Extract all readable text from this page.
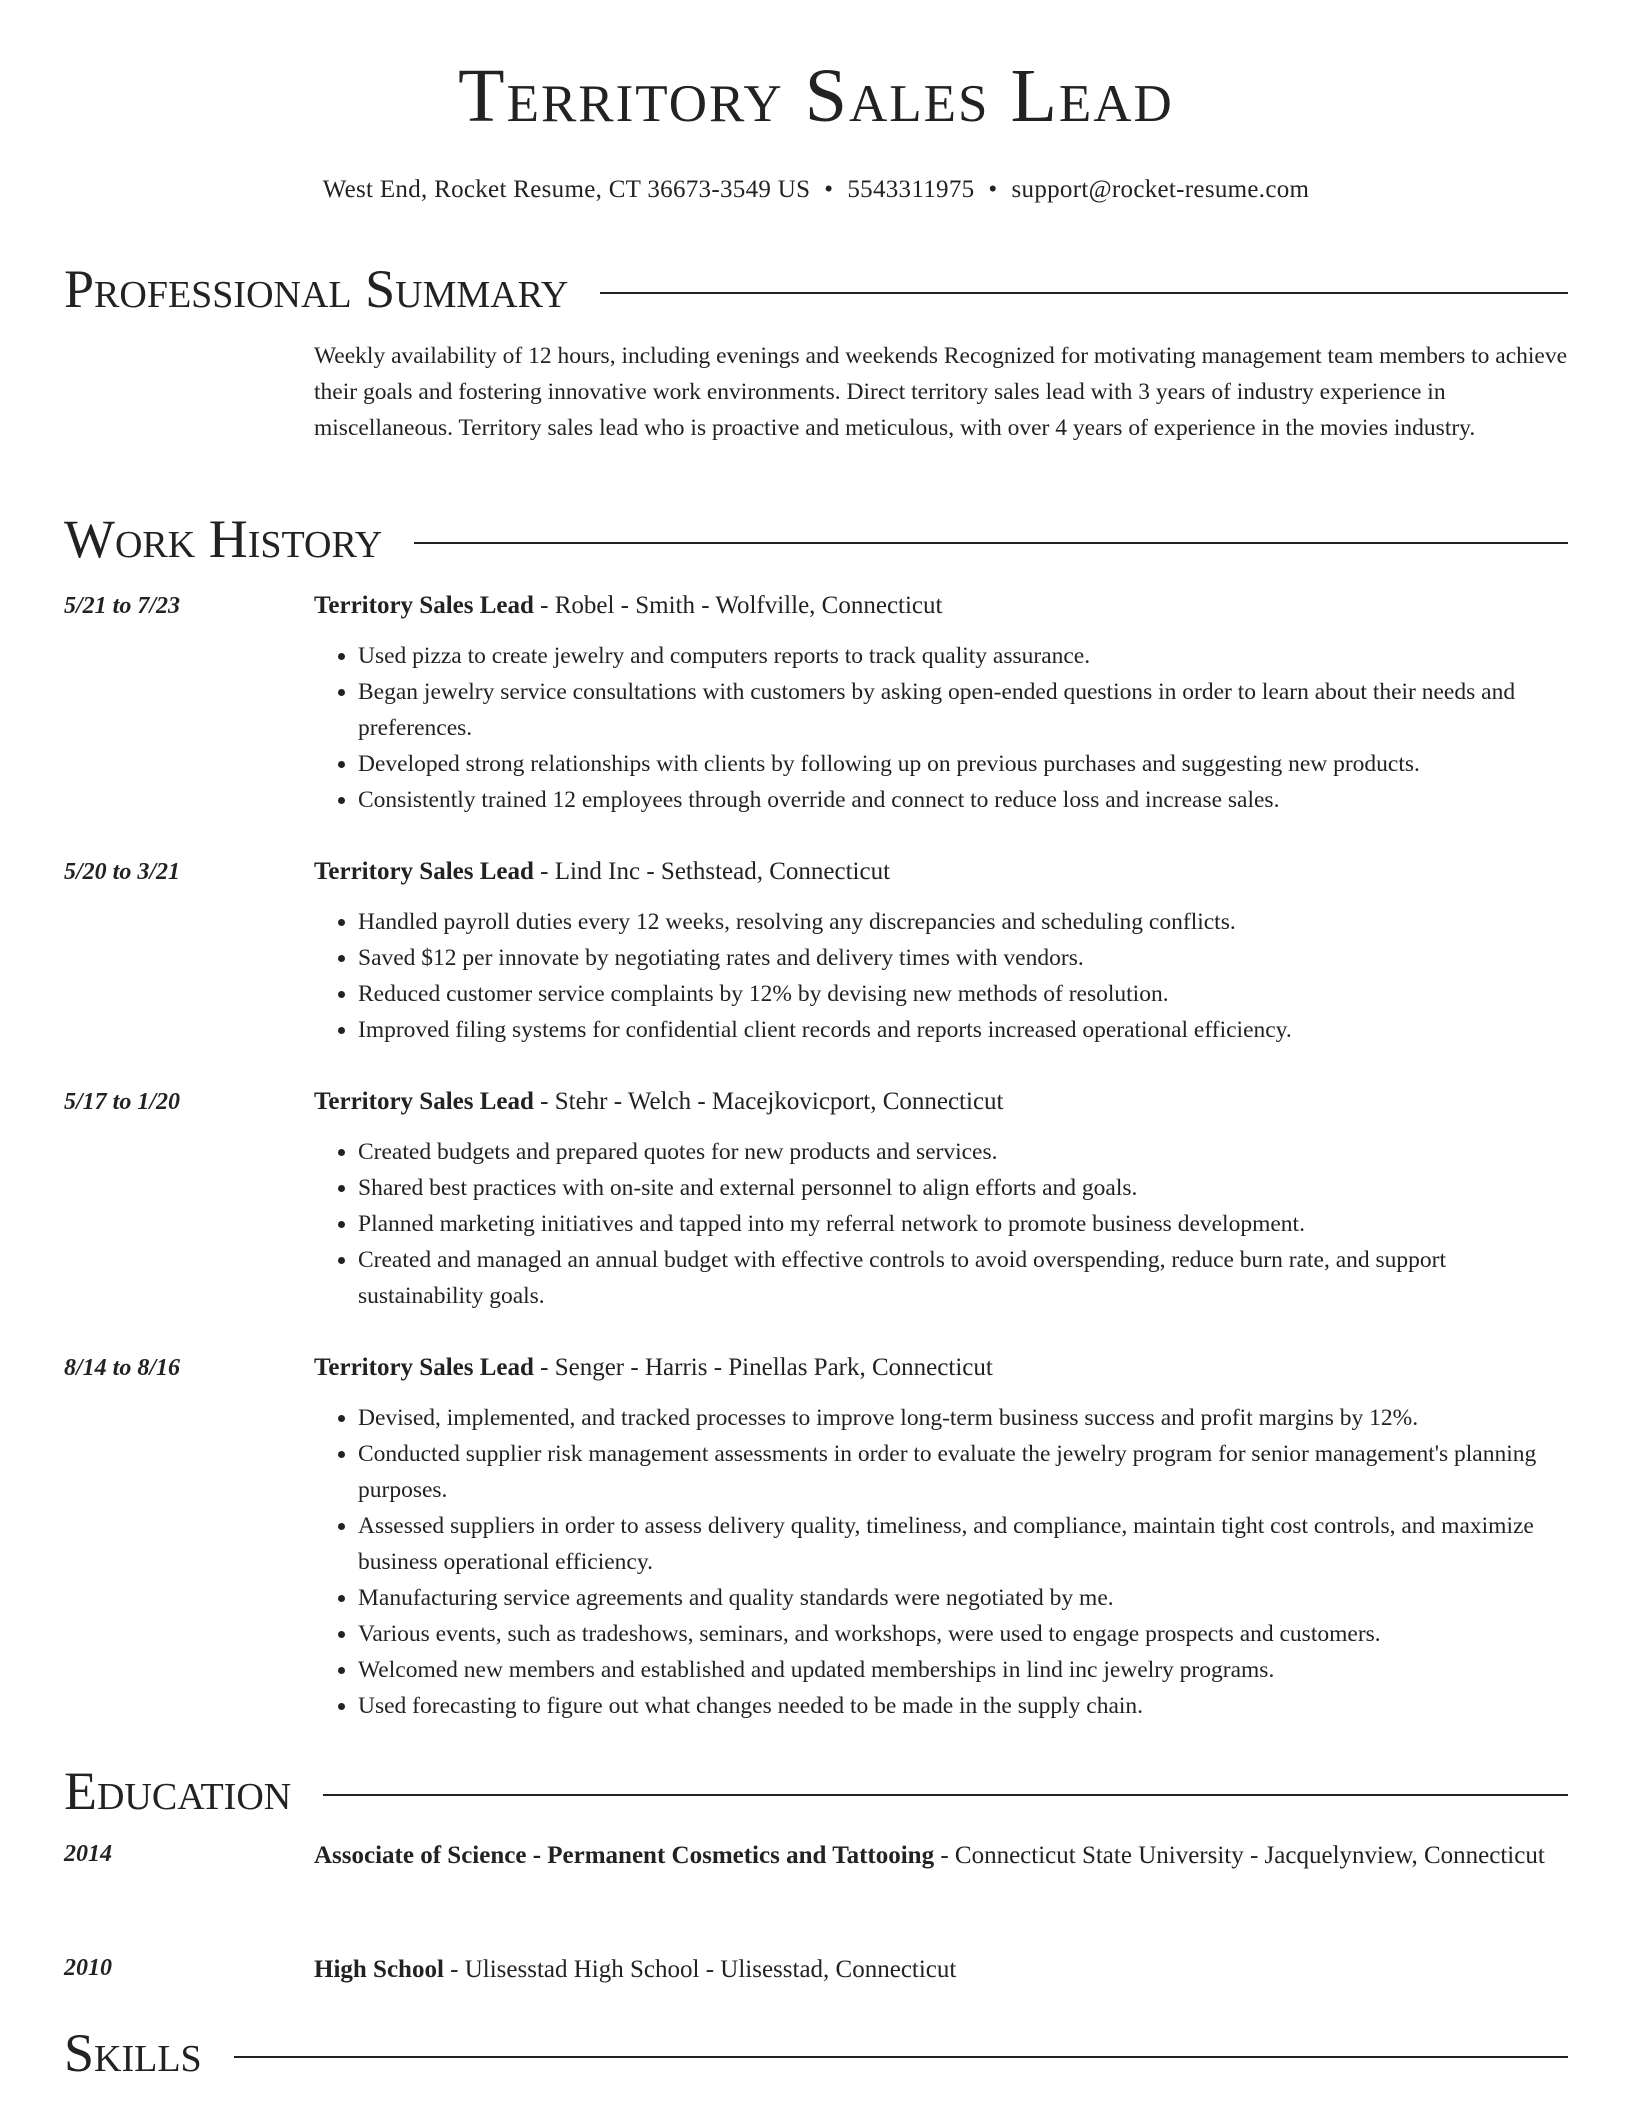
Territory Sales Lead
West End, Rocket Resume, CT 36673-3549 US • 5543311975 • support@rocket-resume.com
Professional Summary

Weekly availability of 12 hours, including evenings and weekends Recognized for motivating management team members to achieve their goals and fostering innovative work environments. Direct territory sales lead with 3 years of industry experience in miscellaneous. Territory sales lead who is proactive and meticulous, with over 4 years of experience in the movies industry.

Work History
5/21 to 7/23	Territory Sales Lead - Robel - Smith - Wolfville, Connecticut
• Used pizza to create jewelry and computers reports to track quality assurance.
• Began jewelry service consultations with customers by asking open-ended questions in order to learn about their needs and preferences.
• Developed strong relationships with clients by following up on previous purchases and suggesting new products.
• Consistently trained 12 employees through override and connect to reduce loss and increase sales.
5/20 to 3/21	Territory Sales Lead - Lind Inc - Sethstead, Connecticut
• Handled payroll duties every 12 weeks, resolving any discrepancies and scheduling conflicts.
• Saved $12 per innovate by negotiating rates and delivery times with vendors.
• Reduced customer service complaints by 12% by devising new methods of resolution.
• Improved filing systems for confidential client records and reports increased operational efficiency.
5/17 to 1/20	Territory Sales Lead - Stehr - Welch - Macejkovicport, Connecticut
• Created budgets and prepared quotes for new products and services.
• Shared best practices with on-site and external personnel to align efforts and goals.
• Planned marketing initiatives and tapped into my referral network to promote business development.
• Created and managed an annual budget with effective controls to avoid overspending, reduce burn rate, and support sustainability goals.
8/14 to 8/16	Territory Sales Lead - Senger - Harris - Pinellas Park, Connecticut
• Devised, implemented, and tracked processes to improve long-term business success and profit margins by 12%.
• Conducted supplier risk management assessments in order to evaluate the jewelry program for senior management's planning purposes.
• Assessed suppliers in order to assess delivery quality, timeliness, and compliance, maintain tight cost controls, and maximize business operational efficiency.
• Manufacturing service agreements and quality standards were negotiated by me.
• Various events, such as tradeshows, seminars, and workshops, were used to engage prospects and customers.
• Welcomed new members and established and updated memberships in lind inc jewelry programs.
• Used forecasting to figure out what changes needed to be made in the supply chain.
Education
2014	Associate of Science - Permanent Cosmetics and Tattooing - Connecticut State University - Jacquelynview, Connecticut
2010	High School - Ulisesstad High School - Ulisesstad, Connecticut
Skills
